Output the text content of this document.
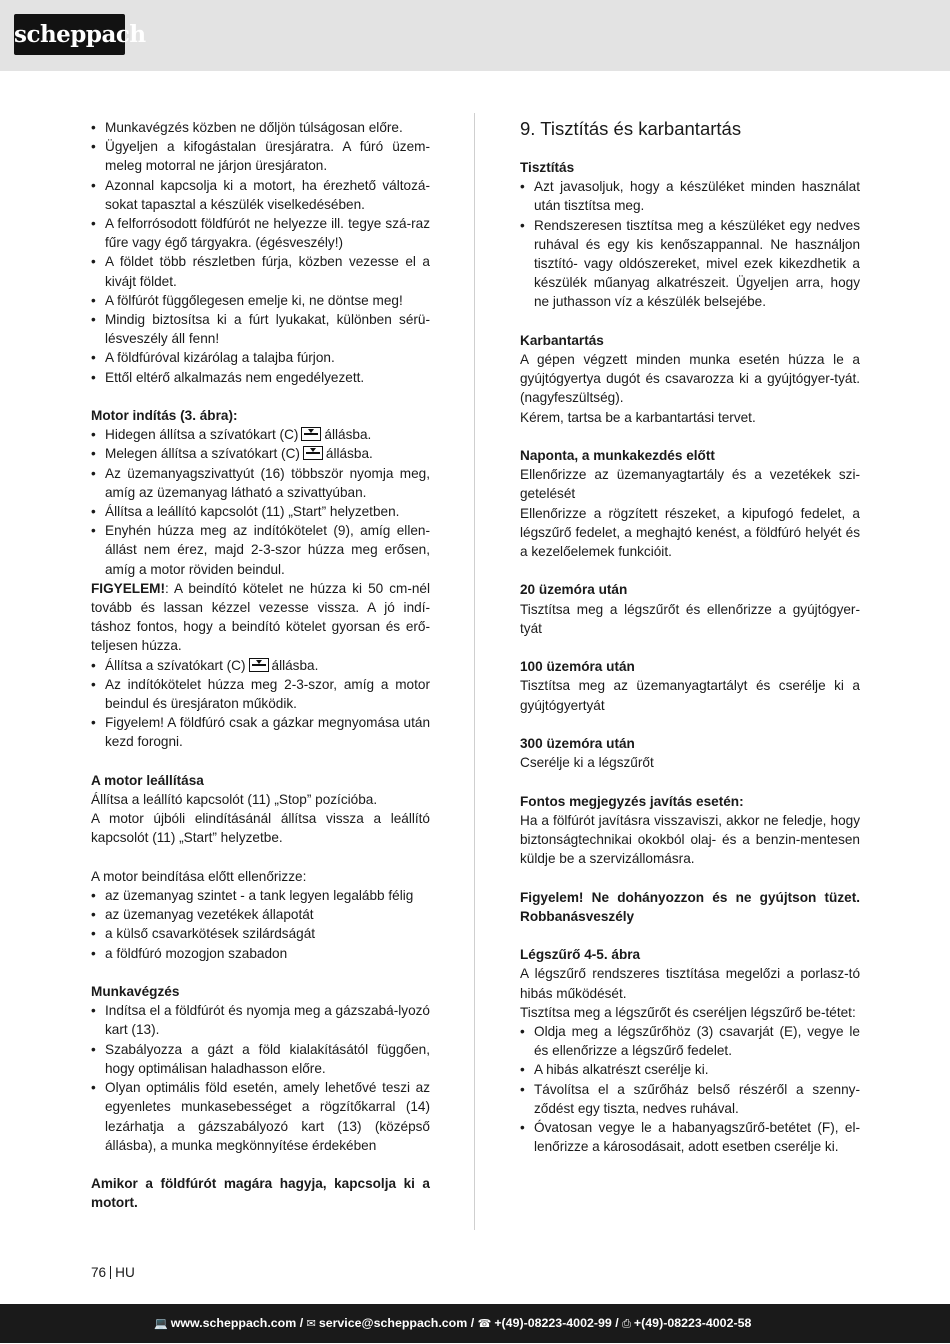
scheppach
• Munkavégzés közben ne dőljön túlságosan előre.
• Ügyeljen a kifogástalan üresjáratra. A fúró üzem-meleg motorral ne járjon üresjáraton.
• Azonnal kapcsolja ki a motort, ha érezhető változá-sokat tapasztal a készülék viselkedésében.
• A felforrósodott földfúrót ne helyezze ill. tegye szá-raz fűre vagy égő tárgyakra. (égésveszély!)
• A földet több részletben fúrja, közben vezesse el a kivájt földet.
• A fölfúrót függőlegesen emelje ki, ne döntse meg!
• Mindig biztosítsa ki a fúrt lyukakat, különben sérü-lésveszély áll fenn!
• A földfúróval kizárólag a talajba fúrjon.
• Ettől eltérő alkalmazás nem engedélyezett.

Motor indítás (3. ábra):

• Hidegen állítsa a szívatókart (C) állásba.
• Melegen állítsa a szívatókart (C) állásba.
• Az üzemanyagszivattyút (16) többször nyomja meg, amíg az üzemanyag látható a szivattyúban.
• Állítsa a leállító kapcsolót (11) „Start” helyzetben.
• Enyhén húzza meg az indítókötelet (9), amíg ellen-állást nem érez, majd 2-3-szor húzza meg erősen, amíg a motor röviden beindul.

FIGYELEM!: A beindító kötelet ne húzza ki 50 cm-nél tovább és lassan kézzel vezesse vissza. A jó indí-táshoz fontos, hogy a beindító kötelet gyorsan és erő-teljesen húzza.

• Állítsa a szívatókart (C) állásba.
• Az indítókötelet húzza meg 2-3-szor, amíg a motor beindul és üresjáraton működik.
• Figyelem! A földfúró csak a gázkar megnyomása után kezd forogni.

A motor leállítása

Állítsa a leállító kapcsolót (11) „Stop” pozícióba.

A motor újbóli elindításánál állítsa vissza a leállító kapcsolót (11) „Start” helyzetbe.

A motor beindítása előtt ellenőrizze:

• az üzemanyag szintet - a tank legyen legalább félig
• az üzemanyag vezetékek állapotát
• a külső csavarkötések szilárdságát
• a földfúró mozogjon szabadon

Munkavégzés

• Indítsa el a földfúrót és nyomja meg a gázszabá-lyozó kart (13).
• Szabályozza a gázt a föld kialakításától függően, hogy optimálisan haladhasson előre.
• Olyan optimális föld esetén, amely lehetővé teszi az egyenletes munkasebességet a rögzítőkarral (14) lezárhatja a gázszabályozó kart (13) (középső állásba), a munka megkönnyítése érdekében

Amikor a földfúrót magára hagyja, kapcsolja ki a motort.

9. Tisztítás és karbantartás

Tisztítás

• Azt javasoljuk, hogy a készüléket minden használat után tisztítsa meg.
• Rendszeresen tisztítsa meg a készüléket egy nedves ruhával és egy kis kenőszappannal. Ne használjon tisztító- vagy oldószereket, mivel ezek kikezdhetik a készülék műanyag alkatrészeit. Ügyeljen arra, hogy ne juthasson víz a készülék belsejébe.

Karbantartás

A gépen végzett minden munka esetén húzza le a gyújtógyertya dugót és csavarozza ki a gyújtógyer-tyát. (nagyfeszültség).

Kérem, tartsa be a karbantartási tervet.

Naponta, a munkakezdés előtt

Ellenőrizze az üzemanyagtartály és a vezetékek szi-getelését

Ellenőrizze a rögzített részeket, a kipufogó fedelet, a légszűrő fedelet, a meghajtó kenést, a földfúró helyét és a kezelőelemek funkcióit.

20 üzemóra után

Tisztítsa meg a légszűrőt és ellenőrizze a gyújtógyer-tyát

100 üzemóra után

Tisztítsa meg az üzemanyagtartályt és cserélje ki a gyújtógyertyát

300 üzemóra után

Cserélje ki a légszűrőt

Fontos megjegyzés javítás esetén:

Ha a fölfúrót javításra visszaviszi, akkor ne feledje, hogy biztonságtechnikai okokból olaj- és a benzin-mentesen küldje be a szervizállomásra.

Figyelem! Ne dohányozzon és ne gyújtson tüzet. Robbanásveszély

Légszűrő 4-5. ábra

A légszűrő rendszeres tisztítása megelőzi a porlasz-tó hibás működését.

Tisztítsa meg a légszűrőt és cseréljen légszűrő be-tétet:

• Oldja meg a légszűrőhöz (3) csavarját (E), vegye le és ellenőrizze a légszűrő fedelet.
• A hibás alkatrészt cserélje ki.
• Távolítsa el a szűrőház belső részéről a szenny-ződést egy tiszta, nedves ruhával.
• Óvatosan vegye le a habanyagszűrő-betétet (F), el-lenőrizze a károsodásait, adott esetben cserélje ki.
76 HU
💻 www.scheppach.com / ✉ service@scheppach.com / ☎ +(49)-08223-4002-99 / ⎙ +(49)-08223-4002-58
